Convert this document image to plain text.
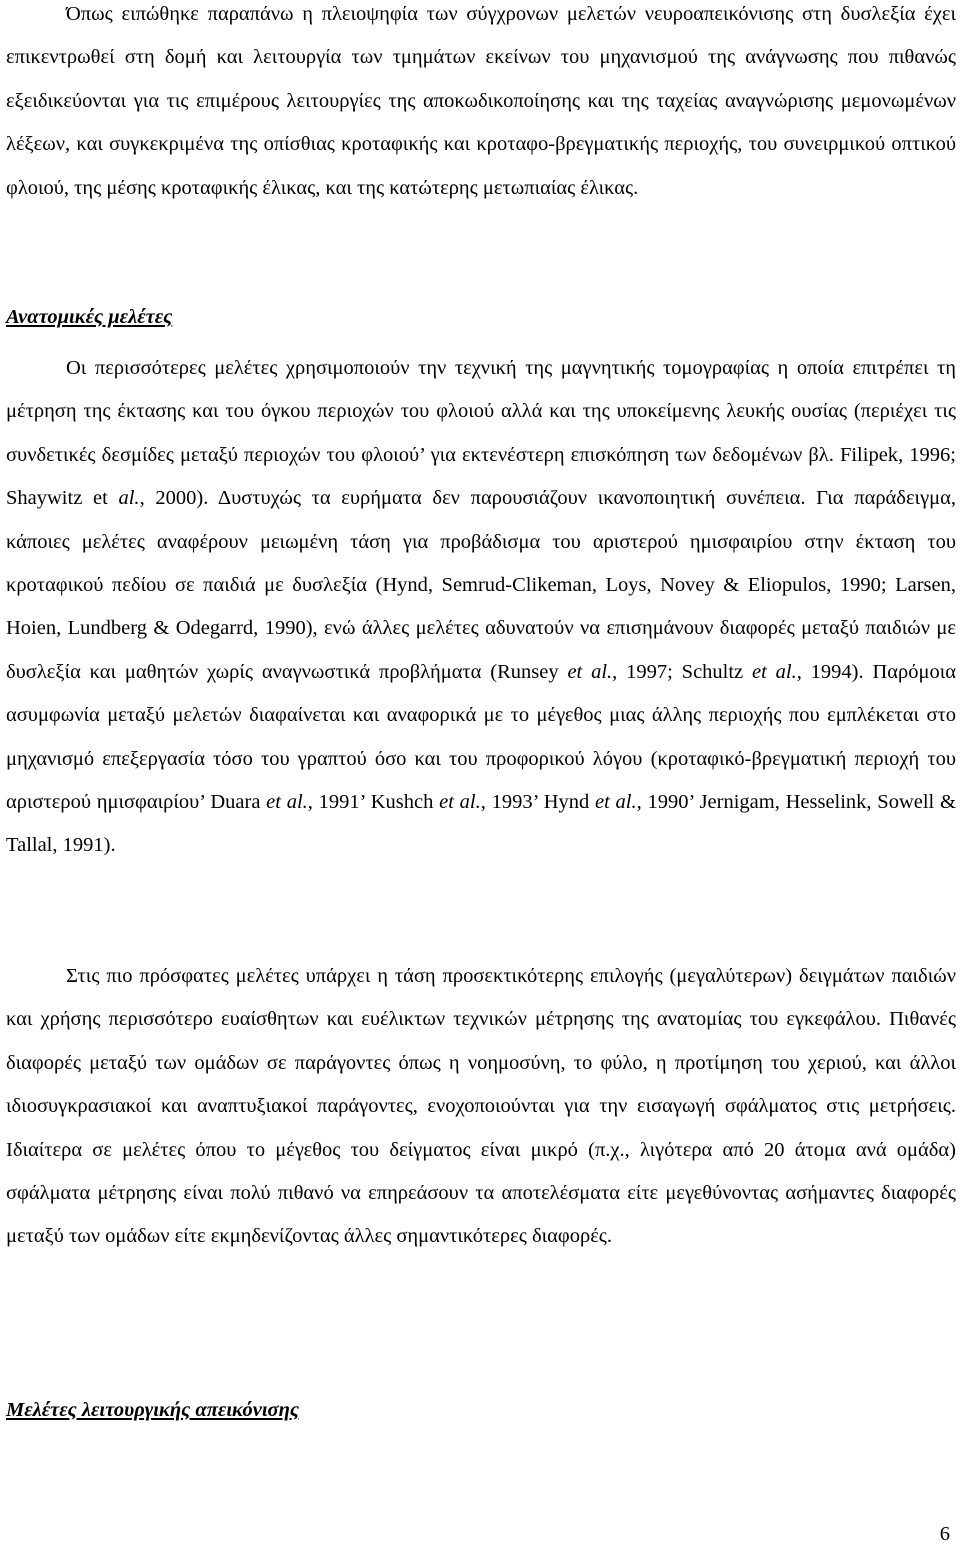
Όπως ειπώθηκε παραπάνω η πλειοψηφία των σύγχρονων μελετών νευροαπεικόνισης στη δυσλεξία έχει επικεντρωθεί στη δομή και λειτουργία των τμημάτων εκείνων του μηχανισμού της ανάγνωσης που πιθανώς εξειδικεύονται για τις επιμέρους λειτουργίες της αποκωδικοποίησης και της ταχείας αναγνώρισης μεμονωμένων λέξεων, και συγκεκριμένα της οπίσθιας κροταφικής και κροταφο-βρεγματικής περιοχής, του συνειρμικού οπτικού φλοιού, της μέσης κροταφικής έλικας, και της κατώτερης μετωπιαίας έλικας.

Ανατομικές μελέτες

Οι περισσότερες μελέτες χρησιμοποιούν την τεχνική της μαγνητικής τομογραφίας η οποία επιτρέπει τη μέτρηση της έκτασης και του όγκου περιοχών του φλοιού αλλά και της υποκείμενης λευκής ουσίας (περιέχει τις συνδετικές δεσμίδες μεταξύ περιοχών του φλοιού’ για εκτενέστερη επισκόπηση των δεδομένων βλ. Filipek, 1996; Shaywitz et al., 2000). Δυστυχώς τα ευρήματα δεν παρουσιάζουν ικανοποιητική συνέπεια. Για παράδειγμα, κάποιες μελέτες αναφέρουν μειωμένη τάση για προβάδισμα του αριστερού ημισφαιρίου στην έκταση του κροταφικού πεδίου σε παιδιά με δυσλεξία (Hynd, Semrud-Clikeman, Loys, Novey & Eliopulos, 1990; Larsen, Hoien, Lundberg & Odegarrd, 1990), ενώ άλλες μελέτες αδυνατούν να επισημάνουν διαφορές μεταξύ παιδιών με δυσλεξία και μαθητών χωρίς αναγνωστικά προβλήματα (Runsey et al., 1997; Schultz et al., 1994). Παρόμοια ασυμφωνία μεταξύ μελετών διαφαίνεται και αναφορικά με το μέγεθος μιας άλλης περιοχής που εμπλέκεται στο μηχανισμό επεξεργασία τόσο του γραπτού όσο και του προφορικού λόγου (κροταφικό-βρεγματική περιοχή του αριστερού ημισφαιρίου’ Duara et al., 1991’ Kushch et al., 1993’ Hynd et al., 1990’ Jernigam, Hesselink, Sowell & Tallal, 1991).

Στις πιο πρόσφατες μελέτες υπάρχει η τάση προσεκτικότερης επιλογής (μεγαλύτερων) δειγμάτων παιδιών και χρήσης περισσότερο ευαίσθητων και ευέλικτων τεχνικών μέτρησης της ανατομίας του εγκεφάλου. Πιθανές διαφορές μεταξύ των ομάδων σε παράγοντες όπως η νοημοσύνη, το φύλο, η προτίμηση του χεριού, και άλλοι ιδιοσυγκρασιακοί και αναπτυξιακοί παράγοντες, ενοχοποιούνται για την εισαγωγή σφάλματος στις μετρήσεις. Ιδιαίτερα σε μελέτες όπου το μέγεθος του δείγματος είναι μικρό (π.χ., λιγότερα από 20 άτομα ανά ομάδα) σφάλματα μέτρησης είναι πολύ πιθανό να επηρεάσουν τα αποτελέσματα είτε μεγεθύνοντας ασήμαντες διαφορές μεταξύ των ομάδων είτε εκμηδενίζοντας άλλες σημαντικότερες διαφορές.

Μελέτες λειτουργικής απεικόνισης
6
